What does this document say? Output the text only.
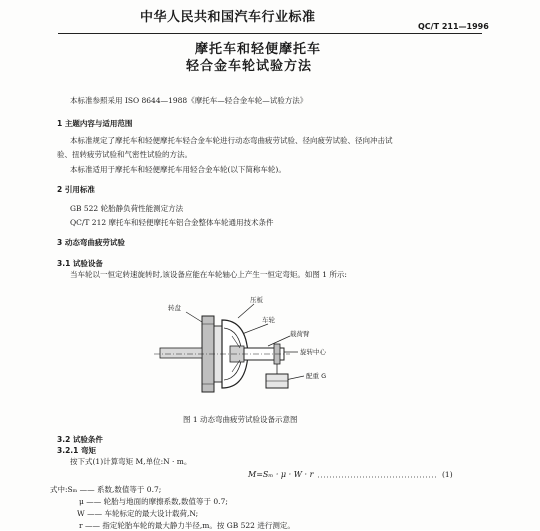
中华人民共和国汽车行业标准
QC/T 211—1996
摩托车和轻便摩托车
轻合金车轮试验方法
本标准参照采用 ISO 8644—1988《摩托车—轻合金车轮—试验方法》
1 主题内容与适用范围
本标准规定了摩托车和轻便摩托车轻合金车轮进行动态弯曲疲劳试验、径向疲劳试验、径向冲击试
验、扭转疲劳试验和气密性试验的方法。
本标准适用于摩托车和轻便摩托车用轻合金车轮(以下简称车轮)。
2 引用标准
GB 522 轮胎静负荷性能测定方法
QC/T 212 摩托车和轻便摩托车铝合金整体车轮通用技术条件
3 动态弯曲疲劳试验
3.1 试验设备
当车轮以一恒定转速旋转时,该设备应能在车轮轴心上产生一恒定弯矩。如图 1 所示:
转盘
压板
车轮
载荷臂
旋转中心
配重 G
图 1 动态弯曲疲劳试验设备示意图
3.2 试验条件
3.2.1 弯矩
按下式(1)计算弯矩 M,单位:N · m。
M=Sₘ · μ · W · r	(1)
式中:Sₘ —— 系数,数值等于 0.7;
μ —— 轮胎与地面的摩擦系数,数值等于 0.7;
W —— 车轮标定的最大设计载荷,N;
r —— 指定轮胎车轮的最大静力半径,m。按 GB 522 进行测定。
